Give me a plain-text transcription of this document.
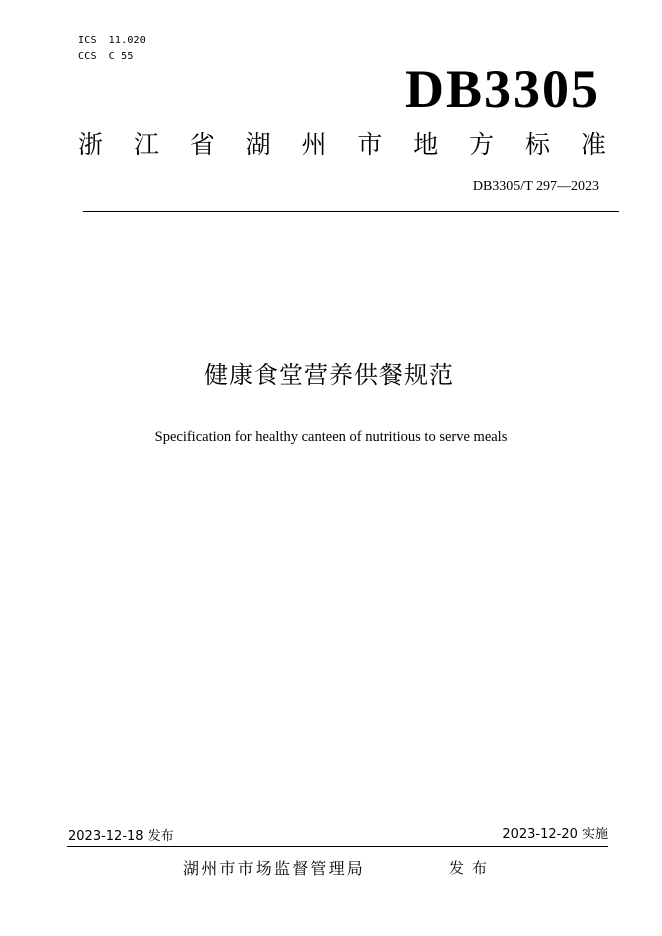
ICS 11.020
CCS C 55
DB3305
浙 江 省 湖 州 市 地 方 标 准
DB3305/T 297—2023
健康食堂营养供餐规范
Specification for healthy canteen of nutritious to serve meals
2023-12-18 发布	2023-12-20 实施
湖州市市场监督管理局	发布
